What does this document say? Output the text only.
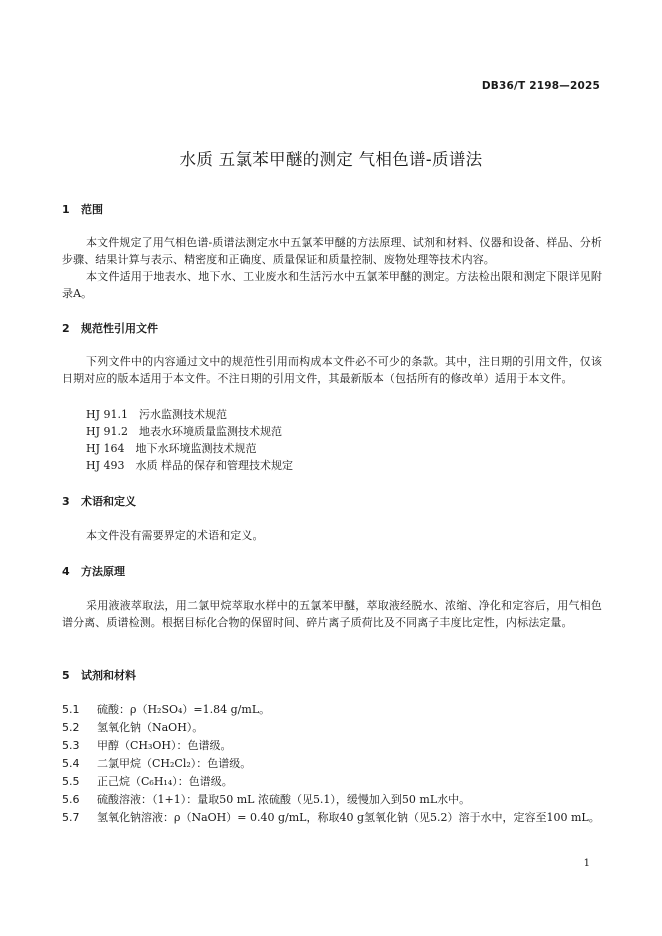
DB36/T 2198—2025
水质 五氯苯甲醚的测定 气相色谱-质谱法
1 范围
本文件规定了用气相色谱-质谱法测定水中五氯苯甲醚的方法原理、试剂和材料、仪器和设备、样品、分析步骤、结果计算与表示、精密度和正确度、质量保证和质量控制、废物处理等技术内容。
本文件适用于地表水、地下水、工业废水和生活污水中五氯苯甲醚的测定。方法检出限和测定下限详见附录A。
2 规范性引用文件
下列文件中的内容通过文中的规范性引用而构成本文件必不可少的条款。其中，注日期的引用文件，仅该日期对应的版本适用于本文件。不注日期的引用文件，其最新版本（包括所有的修改单）适用于本文件。
HJ 91.1　污水监测技术规范
HJ 91.2　地表水环境质量监测技术规范
HJ 164　地下水环境监测技术规范
HJ 493　水质 样品的保存和管理技术规定
3 术语和定义
本文件没有需要界定的术语和定义。
4 方法原理
采用液液萃取法，用二氯甲烷萃取水样中的五氯苯甲醚，萃取液经脱水、浓缩、净化和定容后，用气相色谱分离、质谱检测。根据目标化合物的保留时间、碎片离子质荷比及不同离子丰度比定性，内标法定量。
5 试剂和材料
5.1 硫酸：ρ（H₂SO₄）=1.84 g/mL。
5.2 氢氧化钠（NaOH）。
5.3 甲醇（CH₃OH）：色谱级。
5.4 二氯甲烷（CH₂Cl₂）：色谱级。
5.5 正己烷（C₆H₁₄）：色谱级。
5.6 硫酸溶液：（1+1）：量取50 mL 浓硫酸（见5.1），缓慢加入到50 mL水中。
5.7 氢氧化钠溶液：ρ（NaOH）= 0.40 g/mL，称取40 g氢氧化钠（见5.2）溶于水中，定容至100 mL。
1
